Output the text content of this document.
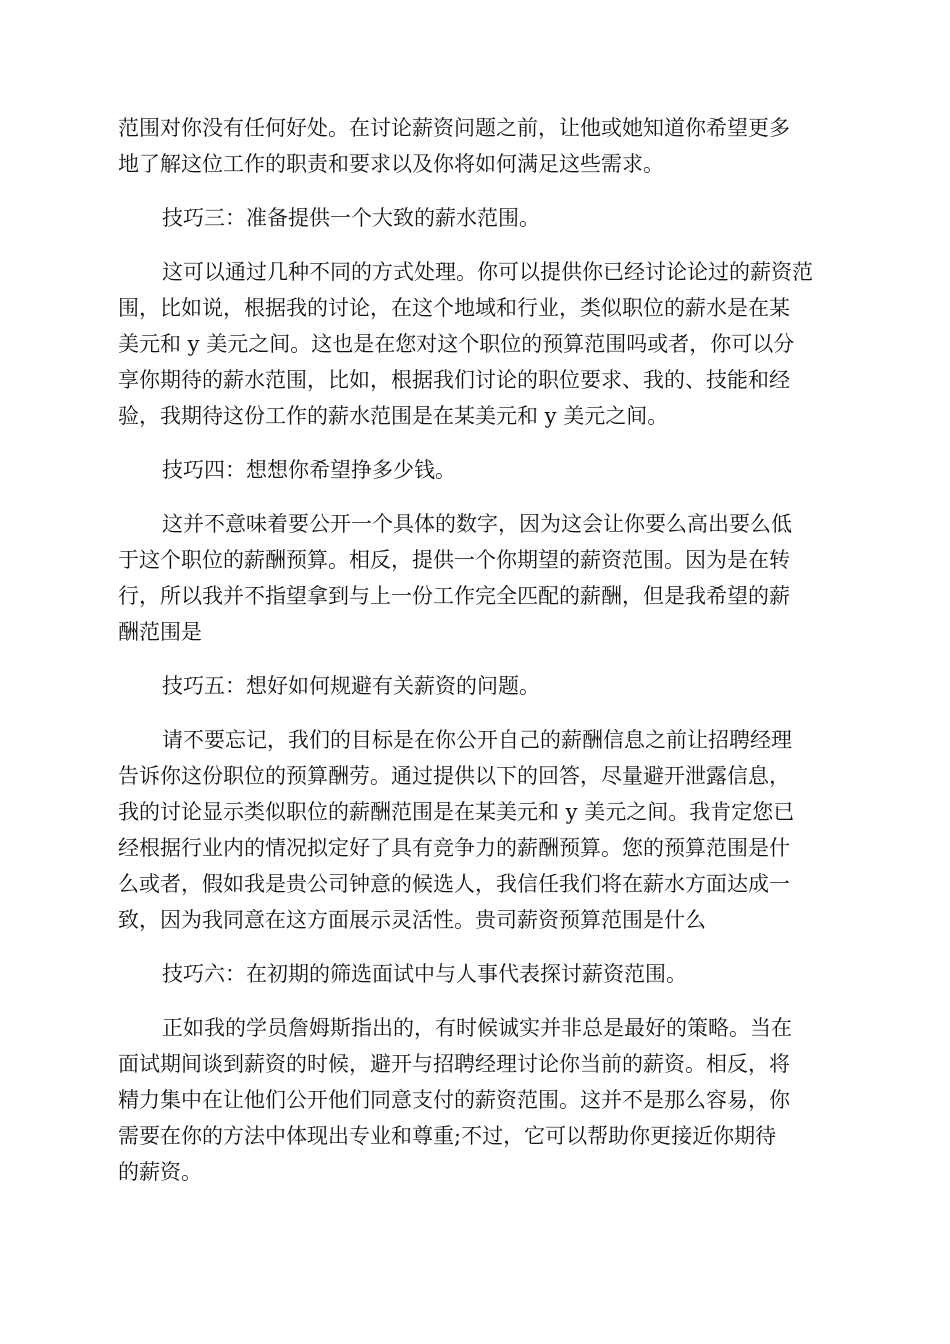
范围对你没有任何好处。在讨论薪资问题之前，让他或她知道你希望更多

地了解这位工作的职责和要求以及你将如何满足这些需求。

技巧三：准备提供一个大致的薪水范围。

这可以通过几种不同的方式处理。你可以提供你已经讨论论过的薪资范

围，比如说，根据我的讨论，在这个地域和行业，类似职位的薪水是在某

美元和 y 美元之间。这也是在您对这个职位的预算范围吗或者，你可以分

享你期待的薪水范围，比如，根据我们讨论的职位要求、我的、技能和经

验，我期待这份工作的薪水范围是在某美元和 y 美元之间。

技巧四：想想你希望挣多少钱。

这并不意味着要公开一个具体的数字，因为这会让你要么高出要么低

于这个职位的薪酬预算。相反，提供一个你期望的薪资范围。因为是在转

行，所以我并不指望拿到与上一份工作完全匹配的薪酬，但是我希望的薪

酬范围是

技巧五：想好如何规避有关薪资的问题。

请不要忘记，我们的目标是在你公开自己的薪酬信息之前让招聘经理

告诉你这份职位的预算酬劳。通过提供以下的回答，尽量避开泄露信息，

我的讨论显示类似职位的薪酬范围是在某美元和 y 美元之间。我肯定您已

经根据行业内的情况拟定好了具有竞争力的薪酬预算。您的预算范围是什

么或者，假如我是贵公司钟意的候选人，我信任我们将在薪水方面达成一

致，因为我同意在这方面展示灵活性。贵司薪资预算范围是什么

技巧六：在初期的筛选面试中与人事代表探讨薪资范围。

正如我的学员詹姆斯指出的，有时候诚实并非总是最好的策略。当在

面试期间谈到薪资的时候，避开与招聘经理讨论你当前的薪资。相反，将

精力集中在让他们公开他们同意支付的薪资范围。这并不是那么容易，你

需要在你的方法中体现出专业和尊重;不过，它可以帮助你更接近你期待

的薪资。
